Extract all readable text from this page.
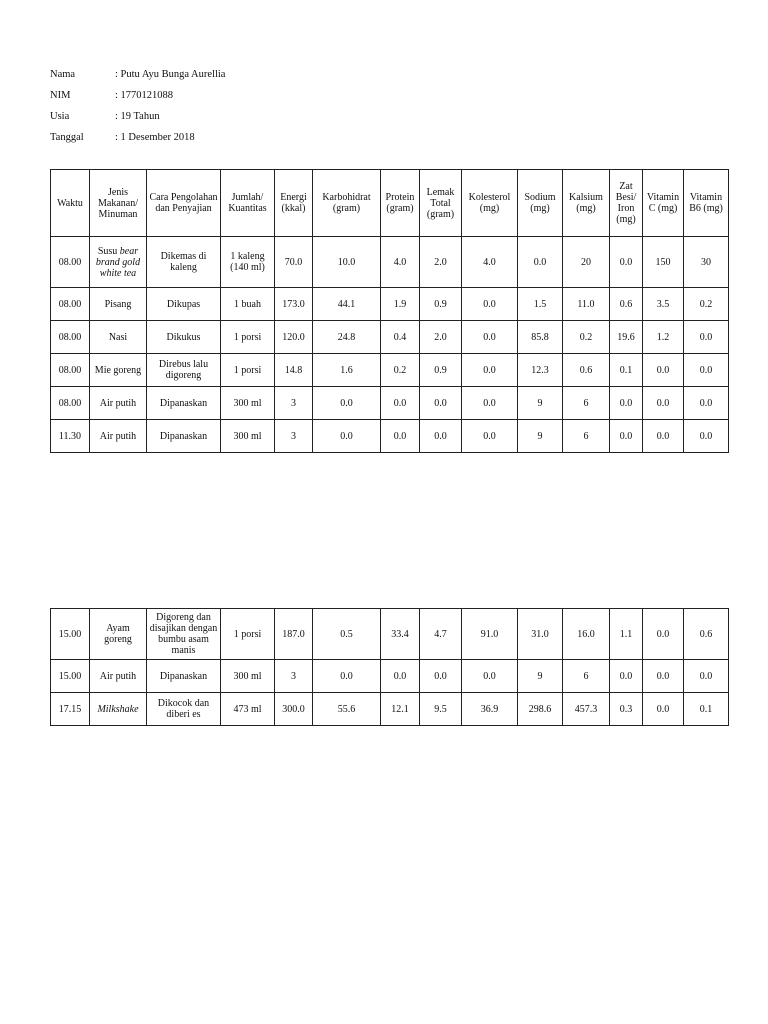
Nama	: Putu Ayu Bunga Aurellia
NIM	: 1770121088
Usia	: 19 Tahun
Tanggal	: 1 Desember 2018
Waktu	Jenis Makanan/ Minuman	Cara Pengolahan dan Penyajian	Jumlah/ Kuantitas	Energi (kkal)	Karbohidrat (gram)	Protein (gram)	Lemak Total (gram)	Kolesterol (mg)	Sodium (mg)	Kalsium (mg)	Zat Besi/ Iron (mg)	Vitamin C (mg)	Vitamin B6 (mg)
08.00	Susu bear brand gold white tea	Dikemas di kaleng	1 kaleng (140 ml)	70.0	10.0	4.0	2.0	4.0	0.0	20	0.0	150	30
08.00	Pisang	Dikupas	1 buah	173.0	44.1	1.9	0.9	0.0	1.5	11.0	0.6	3.5	0.2
08.00	Nasi	Dikukus	1 porsi	120.0	24.8	0.4	2.0	0.0	85.8	0.2	19.6	1.2	0.0
08.00	Mie goreng	Direbus lalu digoreng	1 porsi	14.8	1.6	0.2	0.9	0.0	12.3	0.6	0.1	0.0	0.0
08.00	Air putih	Dipanaskan	300 ml	3	0.0	0.0	0.0	0.0	9	6	0.0	0.0	0.0
11.30	Air putih	Dipanaskan	300 ml	3	0.0	0.0	0.0	0.0	9	6	0.0	0.0	0.0
15.00	Ayam goreng	Digoreng dan disajikan dengan bumbu asam manis	1 porsi	187.0	0.5	33.4	4.7	91.0	31.0	16.0	1.1	0.0	0.6
15.00	Air putih	Dipanaskan	300 ml	3	0.0	0.0	0.0	0.0	9	6	0.0	0.0	0.0
17.15	Milkshake	Dikocok dan diberi es	473 ml	300.0	55.6	12.1	9.5	36.9	298.6	457.3	0.3	0.0	0.1
